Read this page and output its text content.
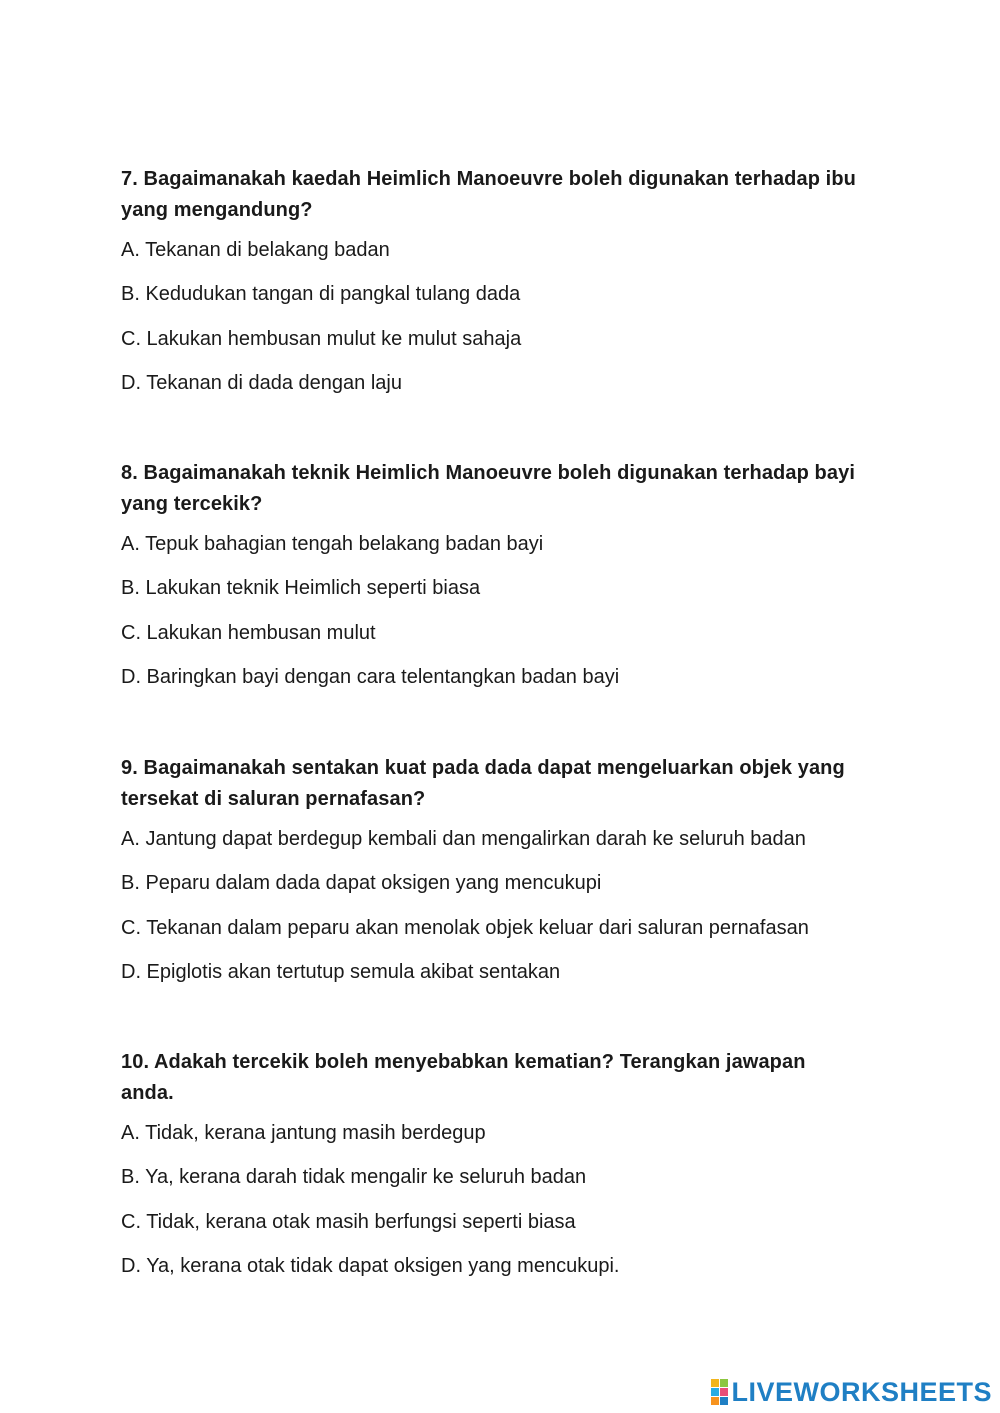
7. Bagaimanakah kaedah Heimlich Manoeuvre boleh digunakan terhadap ibu
yang mengandung?
A. Tekanan di belakang badan
B. Kedudukan tangan di pangkal tulang dada
C. Lakukan hembusan mulut ke mulut sahaja
D. Tekanan di dada dengan laju
8. Bagaimanakah teknik Heimlich Manoeuvre boleh digunakan terhadap bayi
yang tercekik?
A. Tepuk bahagian tengah belakang badan bayi
B. Lakukan teknik Heimlich seperti biasa
C. Lakukan hembusan mulut
D. Baringkan bayi dengan cara telentangkan badan bayi
9. Bagaimanakah sentakan kuat pada dada dapat mengeluarkan objek yang
tersekat di saluran pernafasan?
A. Jantung dapat berdegup kembali dan mengalirkan darah ke seluruh badan
B. Peparu dalam dada dapat oksigen yang mencukupi
C. Tekanan dalam peparu akan menolak objek keluar dari saluran pernafasan
D. Epiglotis akan tertutup semula akibat sentakan
10. Adakah tercekik boleh menyebabkan kematian? Terangkan jawapan
anda.
A. Tidak, kerana jantung masih berdegup
B. Ya, kerana darah tidak mengalir ke seluruh badan
C. Tidak, kerana otak masih berfungsi seperti biasa
D. Ya, kerana otak tidak dapat oksigen yang mencukupi.
LIVEWORKSHEETS
